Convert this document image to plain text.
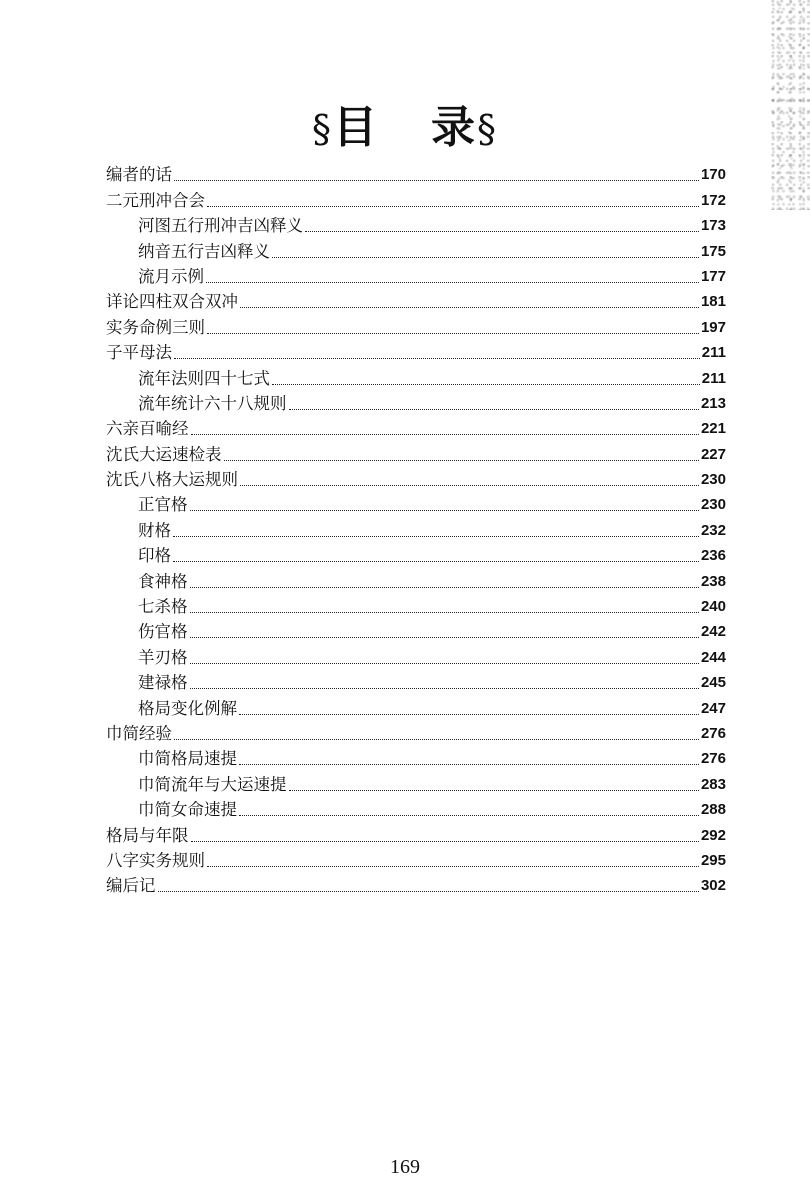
§目 录§
编者的话	170
二元刑冲合会	172
河图五行刑冲吉凶释义	173
纳音五行吉凶释义	175
流月示例	177
详论四柱双合双冲	181
实务命例三则	197
子平母法	211
流年法则四十七式	211
流年统计六十八规则	213
六亲百喻经	221
沈氏大运速检表	227
沈氏八格大运规则	230
正官格	230
财格	232
印格	236
食神格	238
七杀格	240
伤官格	242
羊刃格	244
建禄格	245
格局变化例解	247
巾简经验	276
巾简格局速提	276
巾简流年与大运速提	283
巾简女命速提	288
格局与年限	292
八字实务规则	295
编后记	302
169
